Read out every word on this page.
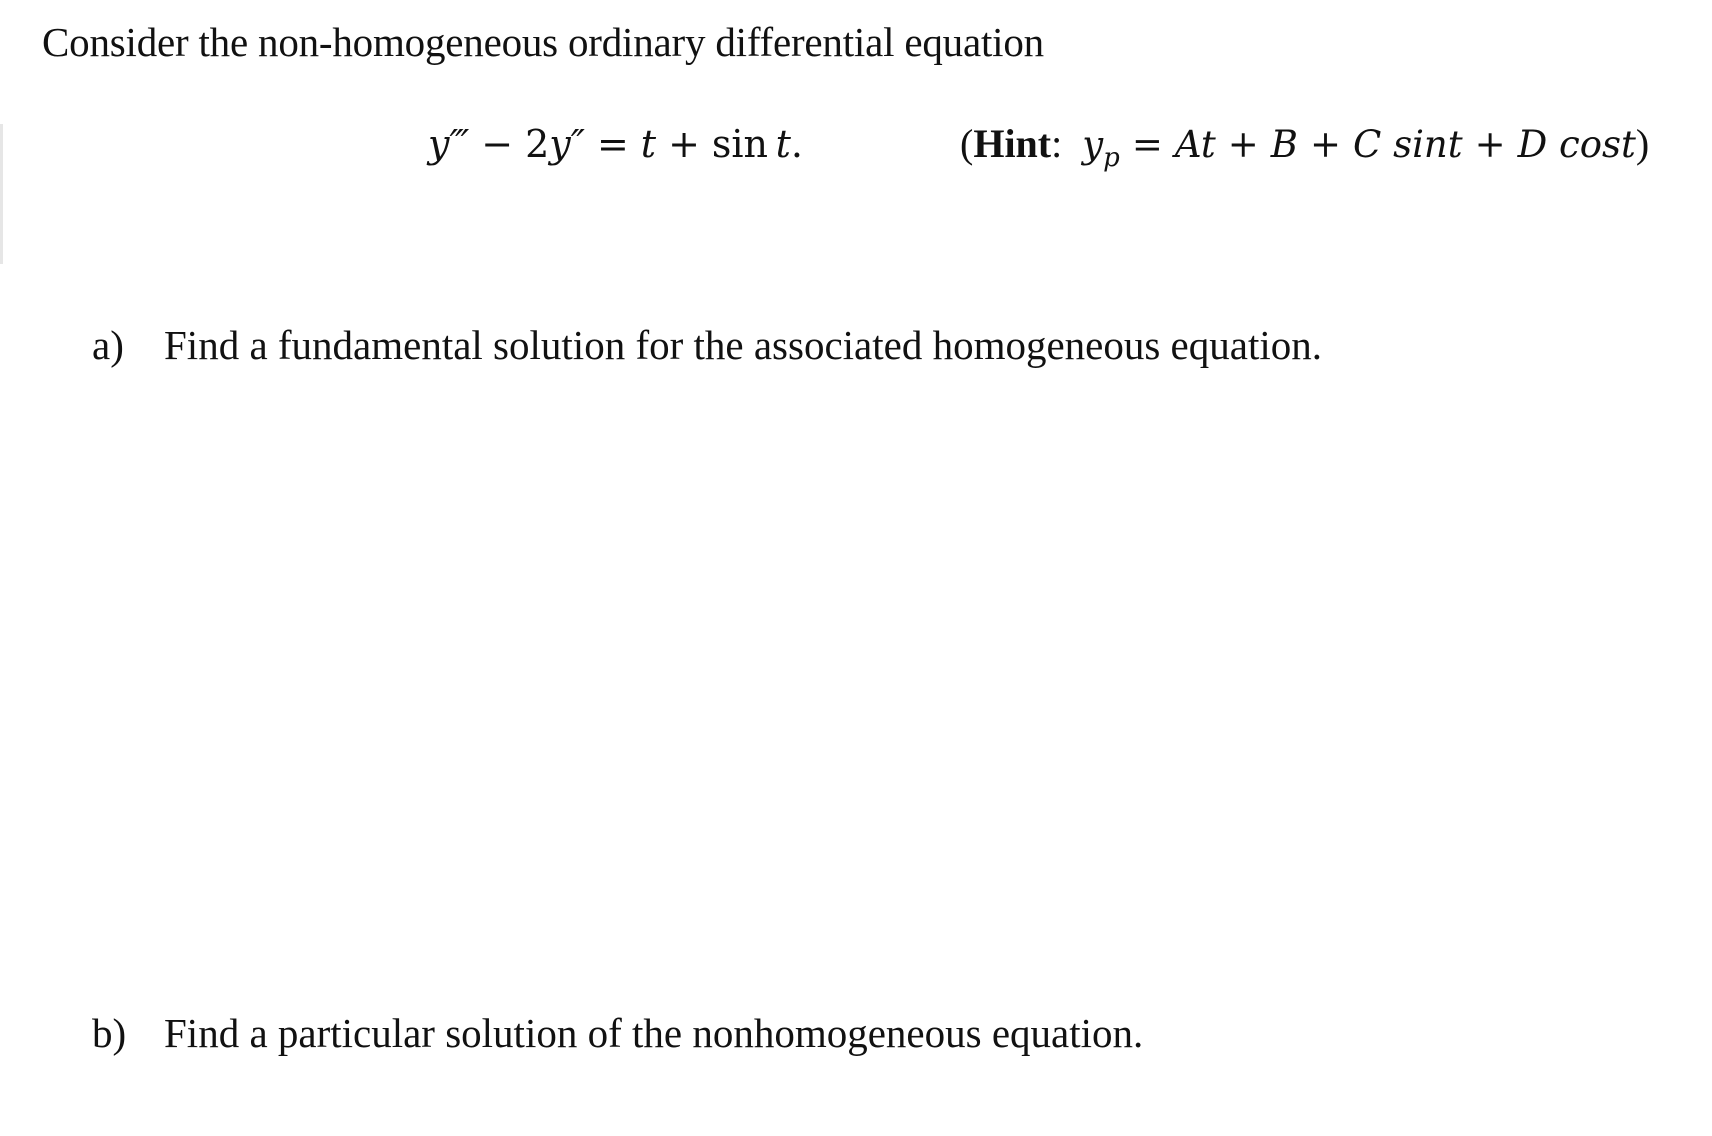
Consider the non-homogeneous ordinary differential equation
y‴ − 2y″ = t + sin  t.	(Hint: $y_p = At + B + C$ sint + D cost)
a) Find a fundamental solution for the associated homogeneous equation.
b) Find a particular solution of the nonhomogeneous equation.
